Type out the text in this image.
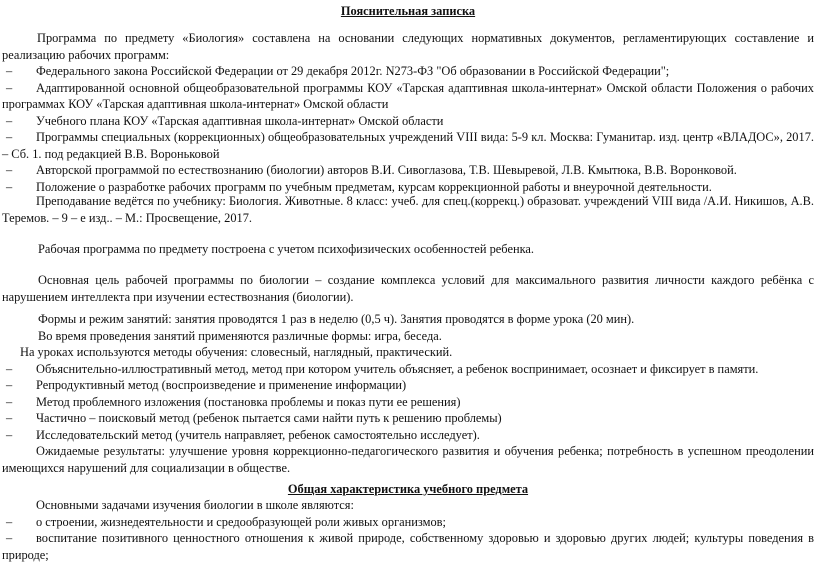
Пояснительная записка

Программа по предмету «Биология» составлена на основании следующих нормативных документов, регламентирующих составление и реализацию рабочих программ:

– Федерального закона Российской Федерации от 29 декабря 2012г. N273-ФЗ "Об образовании в Российской Федерации";

– Адаптированной основной общеобразовательной программы КОУ «Тарская адаптивная школа-интернат» Омской области Положения о рабочих программах КОУ «Тарская адаптивная школа-интернат» Омской области

– Учебного плана КОУ «Тарская адаптивная школа-интернат» Омской области

– Программы специальных (коррекционных) общеобразовательных учреждений VIII вида: 5-9 кл. Москва: Гуманитар. изд. центр «ВЛАДОС», 2017. – Сб. 1. под редакцией В.В. Вороньковой

– Авторской программой по естествознанию (биологии) авторов В.И. Сивоглазова, Т.В. Шевыревой, Л.В. Кмытюка, В.В. Воронковой.

– Положение о разработке рабочих программ по учебным предметам, курсам коррекционной работы и внеурочной деятельности.

Преподавание ведётся по учебнику: Биология. Животные. 8 класс: учеб. для спец.(коррекц.) образоват. учреждений VIII вида /А.И. Никишов, А.В. Теремов. – 9 – е изд.. – М.: Просвещение, 2017.

Рабочая программа по предмету построена с учетом психофизических особенностей ребенка.

Основная цель рабочей программы по биологии – создание комплекса условий для максимального развития личности каждого ребёнка с нарушением интеллекта при изучении естествознания (биологии).

Формы и режим занятий: занятия проводятся 1 раз в неделю (0,5 ч). Занятия проводятся в форме урока (20 мин).

Во время проведения занятий применяются различные формы: игра, беседа.

На уроках используются методы обучения: словесный, наглядный, практический.

– Объяснительно-иллюстративный метод, метод при котором учитель объясняет, а ребенок воспринимает, осознает и фиксирует в памяти.

– Репродуктивный метод (воспроизведение и применение информации)

– Метод проблемного изложения (постановка проблемы и показ пути ее решения)

– Частично – поисковый метод (ребенок пытается сами найти путь к решению проблемы)

– Исследовательский метод (учитель направляет, ребенок самостоятельно исследует).

Ожидаемые результаты: улучшение уровня коррекционно-педагогического развития и обучения ребенка; потребность в успешном преодолении имеющихся нарушений для социализации в обществе.

Общая характеристика учебного предмета

Основными задачами изучения биологии в школе являются:

– о строении, жизнедеятельности и средообразующей роли живых организмов;

– воспитание позитивного ценностного отношения к живой природе, собственному здоровью и здоровью других людей; культуры поведения в природе;
